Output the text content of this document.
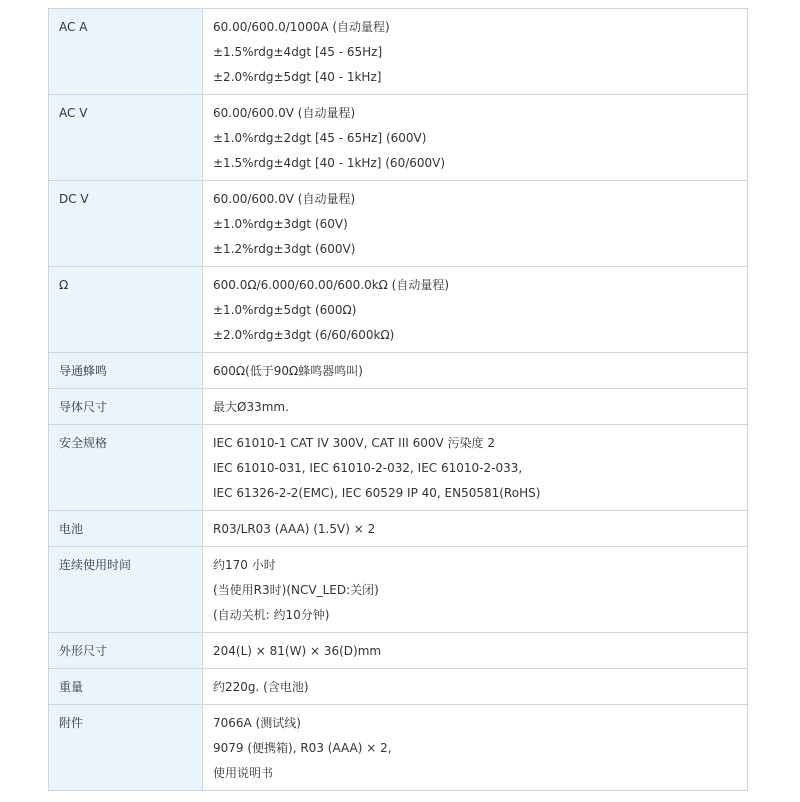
AC A	60.00/600.0/1000A (自动量程)
±1.5%rdg±4dgt [45 - 65Hz]
±2.0%rdg±5dgt [40 - 1kHz]

AC V	60.00/600.0V (自动量程)
±1.0%rdg±2dgt [45 - 65Hz] (600V)
±1.5%rdg±4dgt [40 - 1kHz] (60/600V)

DC V	60.00/600.0V (自动量程)
±1.0%rdg±3dgt (60V)
±1.2%rdg±3dgt (600V)

Ω	600.0Ω/6.000/60.00/600.0kΩ (自动量程)
±1.0%rdg±5dgt (600Ω)
±2.0%rdg±3dgt (6/60/600kΩ)

导通蜂鸣	600Ω(低于90Ω蜂鸣器鸣叫)

导体尺寸	最大Ø33mm.

安全规格	IEC 61010-1 CAT IV 300V, CAT III 600V 污染度 2
IEC 61010-031, IEC 61010-2-032, IEC 61010-2-033,
IEC 61326-2-2(EMC), IEC 60529 IP 40, EN50581(RoHS)

电池	R03/LR03 (AAA) (1.5V) × 2

连续使用时间	约170 小时
(当使用R3时)(NCV_LED:关闭)
(自动关机: 约10分钟)

外形尺寸	204(L) × 81(W) × 36(D)mm

重量	约220g. (含电池)

附件	7066A (测试线)
9079 (便携箱), R03 (AAA) × 2,
使用说明书
